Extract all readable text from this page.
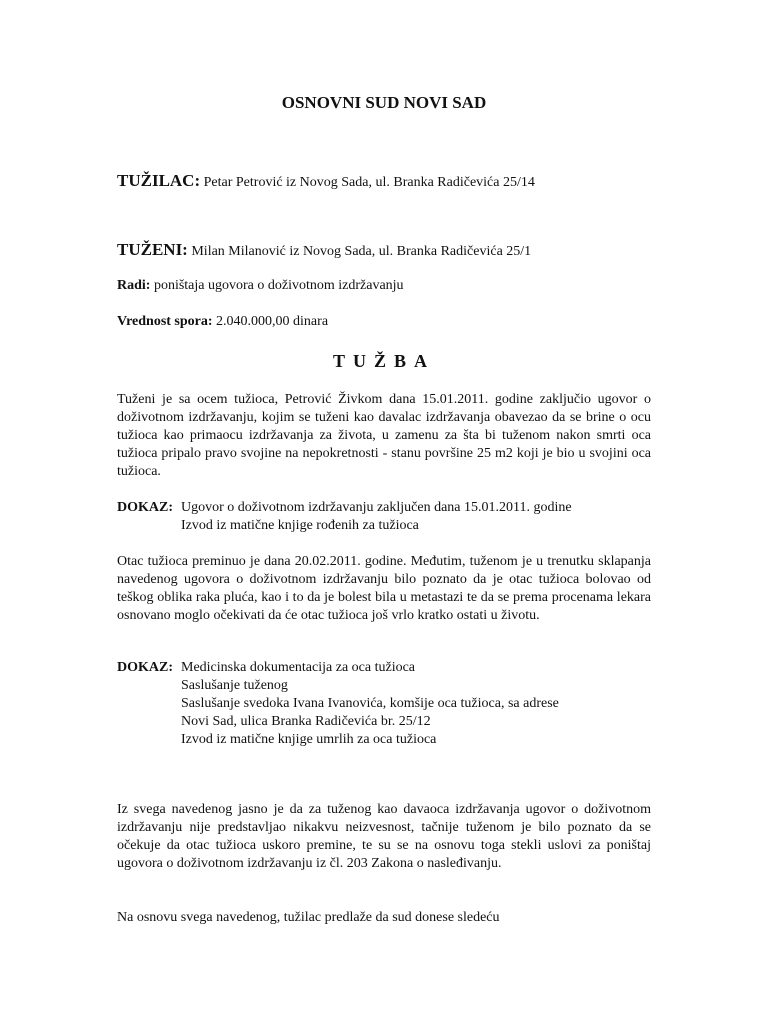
OSNOVNI SUD NOVI SAD
TUŽILAC: Petar Petrović iz Novog Sada, ul. Branka Radičevića 25/14
TUŽENI: Milan Milanović iz Novog Sada, ul. Branka Radičevića 25/1
Radi: poništaja ugovora o doživotnom izdržavanju
Vrednost spora: 2.040.000,00 dinara
TUŽBA
Tuženi je sa ocem tužioca, Petrović Živkom dana 15.01.2011. godine zaključio ugovor o doživotnom izdržavanju, kojim se tuženi kao davalac izdržavanja obavezao da se brine o ocu tužioca kao primaocu izdržavanja za života, u zamenu za šta bi tuženom nakon smrti oca tužioca pripalo pravo svojine na nepokretnosti - stanu površine 25 m2 koji je bio u svojini oca tužioca.
DOKAZ: Ugovor o doživotnom izdržavanju zaključen dana 15.01.2011. godine
Izvod iz matične knjige rođenih za tužioca
Otac tužioca preminuo je dana 20.02.2011. godine. Međutim, tuženom je u trenutku sklapanja navedenog ugovora o doživotnom izdržavanju bilo poznato da je otac tužioca bolovao od teškog oblika raka pluća, kao i to da je bolest bila u metastazi te da se prema procenama lekara osnovano moglo očekivati da će otac tužioca još vrlo kratko ostati u životu.
DOKAZ: Medicinska dokumentacija za oca tužioca
Saslušanje tuženog
Saslušanje svedoka Ivana Ivanovića, komšije oca tužioca, sa adrese
Novi Sad, ulica Branka Radičevića br. 25/12
Izvod iz matične knjige umrlih za oca tužioca
Iz svega navedenog jasno je da za tuženog kao davaoca izdržavanja ugovor o doživotnom izdržavanju nije predstavljao nikakvu neizvesnost, tačnije tuženom je bilo poznato da se očekuje da otac tužioca uskoro premine, te su se na osnovu toga stekli uslovi za poništaj ugovora o doživotnom izdržavanju iz čl. 203 Zakona o nasleđivanju.
Na osnovu svega navedenog, tužilac predlaže da sud donese sledeću
